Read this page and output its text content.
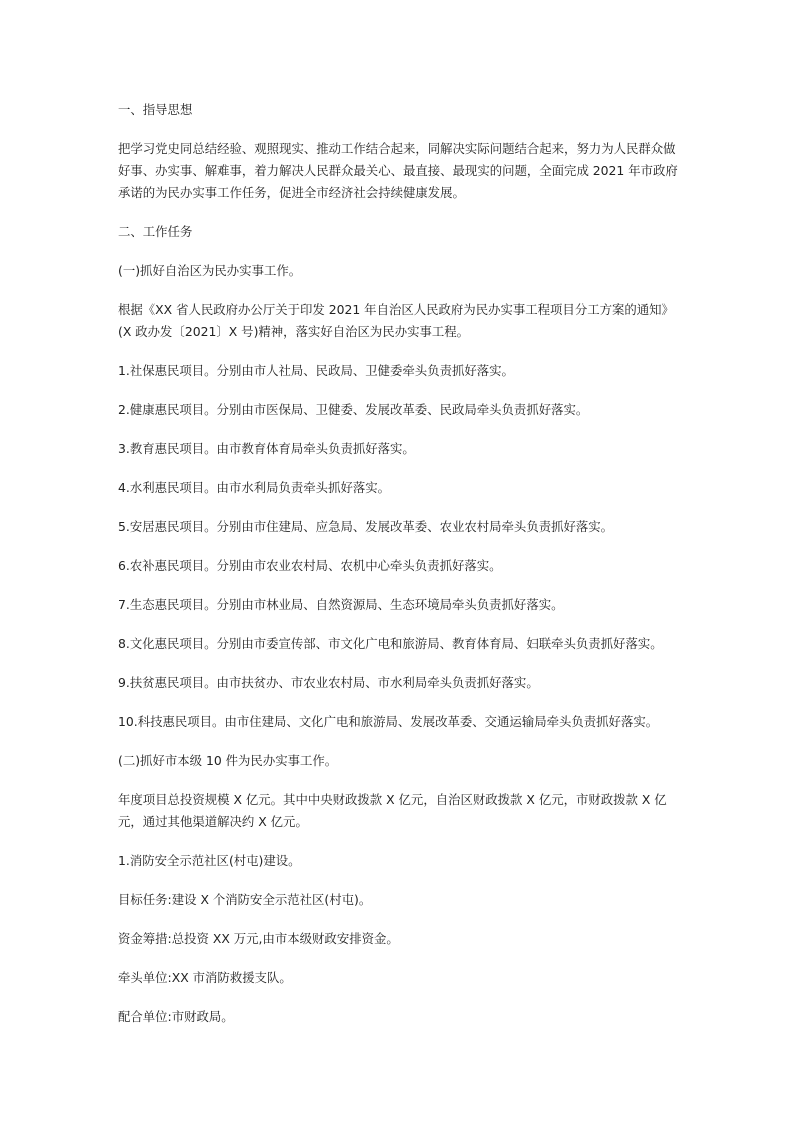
一、指导思想

把学习党史同总结经验、观照现实、推动工作结合起来，同解决实际问题结合起来，努力为人民群众做好事、办实事、解难事，着力解决人民群众最关心、最直接、最现实的问题，全面完成 2021 年市政府承诺的为民办实事工作任务，促进全市经济社会持续健康发展。

二、工作任务

(一)抓好自治区为民办实事工作。

根据《XX 省人民政府办公厅关于印发 2021 年自治区人民政府为民办实事工程项目分工方案的通知》(X 政办发〔2021〕X 号)精神，落实好自治区为民办实事工程。

1.社保惠民项目。分别由市人社局、民政局、卫健委牵头负责抓好落实。

2.健康惠民项目。分别由市医保局、卫健委、发展改革委、民政局牵头负责抓好落实。

3.教育惠民项目。由市教育体育局牵头负责抓好落实。

4.水利惠民项目。由市水利局负责牵头抓好落实。

5.安居惠民项目。分别由市住建局、应急局、发展改革委、农业农村局牵头负责抓好落实。

6.农补惠民项目。分别由市农业农村局、农机中心牵头负责抓好落实。

7.生态惠民项目。分别由市林业局、自然资源局、生态环境局牵头负责抓好落实。

8.文化惠民项目。分别由市委宣传部、市文化广电和旅游局、教育体育局、妇联牵头负责抓好落实。

9.扶贫惠民项目。由市扶贫办、市农业农村局、市水利局牵头负责抓好落实。

10.科技惠民项目。由市住建局、文化广电和旅游局、发展改革委、交通运输局牵头负责抓好落实。

(二)抓好市本级 10 件为民办实事工作。

年度项目总投资规模 X 亿元。其中中央财政拨款 X 亿元，自治区财政拨款 X 亿元，市财政拨款 X 亿元，通过其他渠道解决约 X 亿元。

1.消防安全示范社区(村屯)建设。

目标任务:建设 X 个消防安全示范社区(村屯)。

资金筹措:总投资 XX 万元,由市本级财政安排资金。

牵头单位:XX 市消防救援支队。

配合单位:市财政局。
